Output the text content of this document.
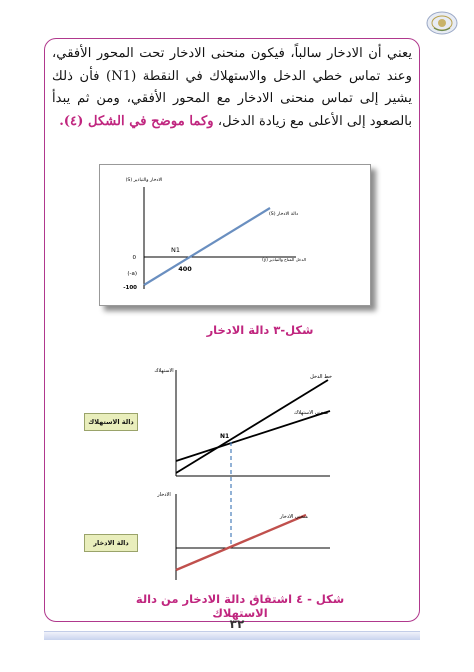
يعني أن الادخار سالباً، فيكون منحنى الادخار تحت المحور الأفقي، وعند تماس خطي الدخل والاستهلاك في النقطة (N1) فأن ذلك يشير إلى تماس منحنى الادخار مع المحور الأفقي، ومن ثم يبدأ بالصعود إلى الأعلى مع زيادة الدخل، وكما موضح في الشكل (٤).
الادخار والتباذير (S)
الدخل المتاح والتباذير (y)
دالة الادخار (S)
N1
400
0
(-a)
-100
شكل-٣ دالة الادخار
الاستهلاك
الادخار
خط الدخل
منحنى الاستهلاك
منحنى الادخار
N1
دالة الاستهلاك
دالة الادخار
شكل - ٤ اشتقاق دالة الادخار من دالة الاستهلاك
٣٢
